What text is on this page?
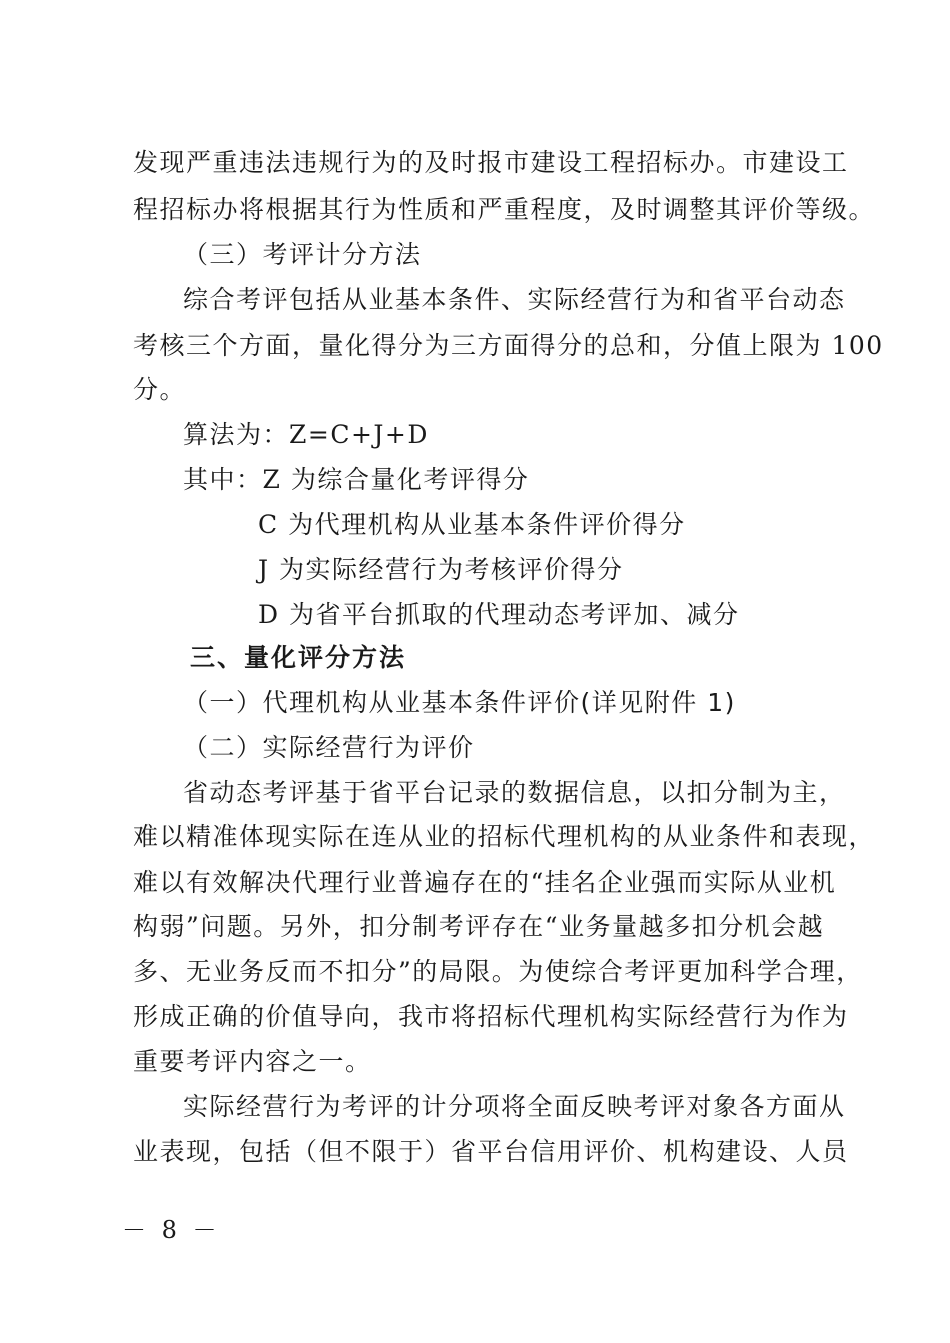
发现严重违法违规行为的及时报市建设工程招标办。市建设工
程招标办将根据其行为性质和严重程度，及时调整其评价等级。
（三）考评计分方法
综合考评包括从业基本条件、实际经营行为和省平台动态
考核三个方面，量化得分为三方面得分的总和，分值上限为 100
分。
算法为：Z=C+J+D
其中：Z 为综合量化考评得分
C 为代理机构从业基本条件评价得分
J 为实际经营行为考核评价得分
D 为省平台抓取的代理动态考评加、减分
三、量化评分方法
（一）代理机构从业基本条件评价(详见附件 1)
（二）实际经营行为评价
省动态考评基于省平台记录的数据信息，以扣分制为主，
难以精准体现实际在连从业的招标代理机构的从业条件和表现，
难以有效解决代理行业普遍存在的“挂名企业强而实际从业机
构弱”问题。另外，扣分制考评存在“业务量越多扣分机会越
多、无业务反而不扣分”的局限。为使综合考评更加科学合理，
形成正确的价值导向，我市将招标代理机构实际经营行为作为
重要考评内容之一。
实际经营行为考评的计分项将全面反映考评对象各方面从
业表现，包括（但不限于）省平台信用评价、机构建设、人员
－ 8 －
